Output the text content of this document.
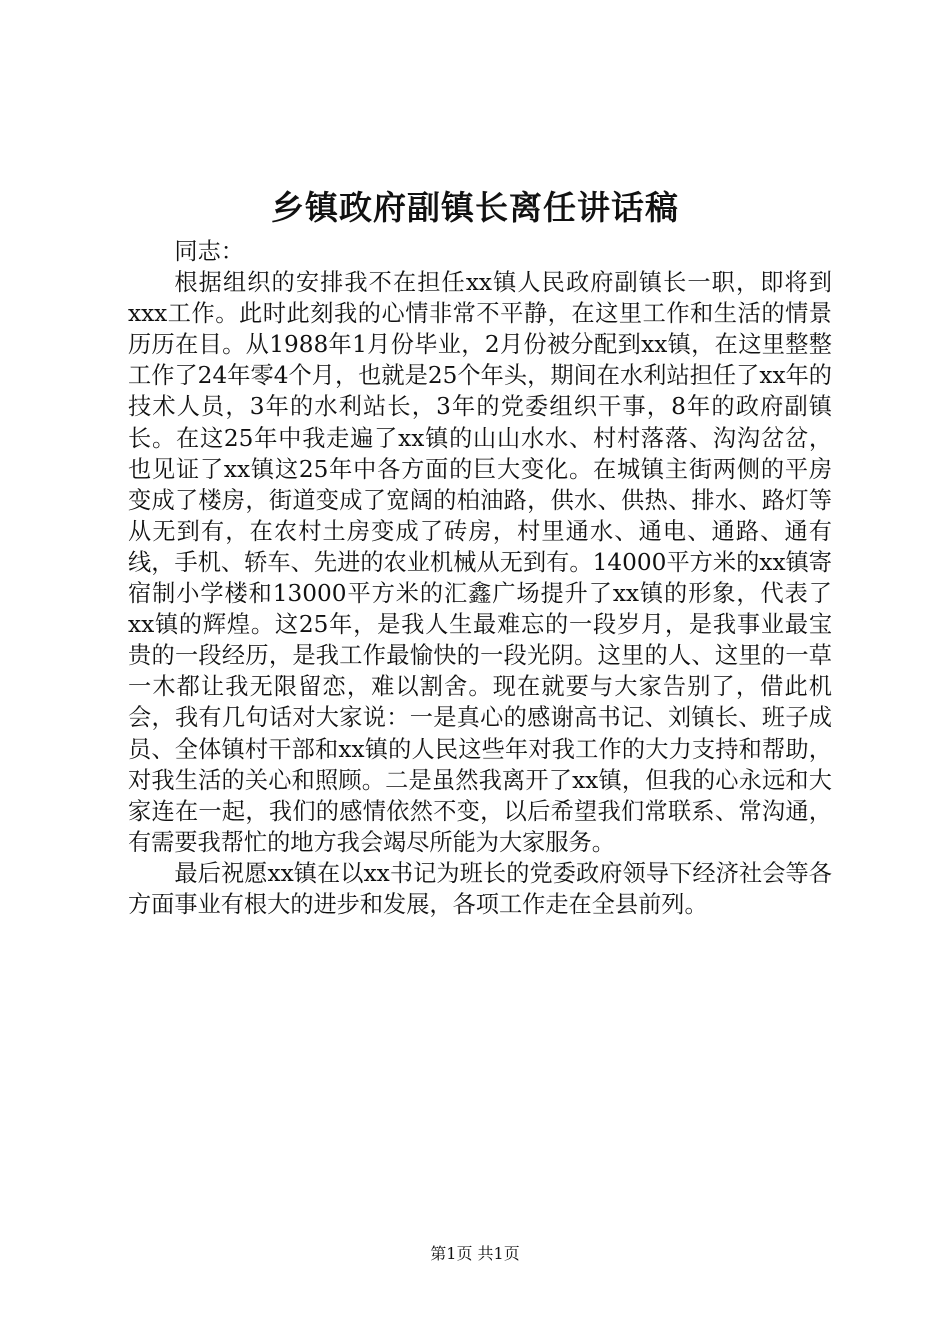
乡镇政府副镇长离任讲话稿

同志：

根据组织的安排我不在担任xx镇人民政府副镇长一职，即将到xxx工作。此时此刻我的心情非常不平静，在这里工作和生活的情景历历在目。从1988年1月份毕业，2月份被分配到xx镇，在这里整整工作了24年零4个月，也就是25个年头，期间在水利站担任了xx年的技术人员，3年的水利站长，3年的党委组织干事，8年的政府副镇长。在这25年中我走遍了xx镇的山山水水、村村落落、沟沟岔岔，也见证了xx镇这25年中各方面的巨大变化。在城镇主街两侧的平房变成了楼房，街道变成了宽阔的柏油路，供水、供热、排水、路灯等从无到有，在农村土房变成了砖房，村里通水、通电、通路、通有线，手机、轿车、先进的农业机械从无到有。14000平方米的xx镇寄宿制小学楼和13000平方米的汇鑫广场提升了xx镇的形象，代表了xx镇的辉煌。这25年，是我人生最难忘的一段岁月，是我事业最宝贵的一段经历，是我工作最愉快的一段光阴。这里的人、这里的一草一木都让我无限留恋，难以割舍。现在就要与大家告别了，借此机会，我有几句话对大家说：一是真心的感谢高书记、刘镇长、班子成员、全体镇村干部和xx镇的人民这些年对我工作的大力支持和帮助，对我生活的关心和照顾。二是虽然我离开了xx镇，但我的心永远和大家连在一起，我们的感情依然不变，以后希望我们常联系、常沟通，有需要我帮忙的地方我会竭尽所能为大家服务。

最后祝愿xx镇在以xx书记为班长的党委政府领导下经济社会等各方面事业有根大的进步和发展，各项工作走在全县前列。

第1页 共1页
